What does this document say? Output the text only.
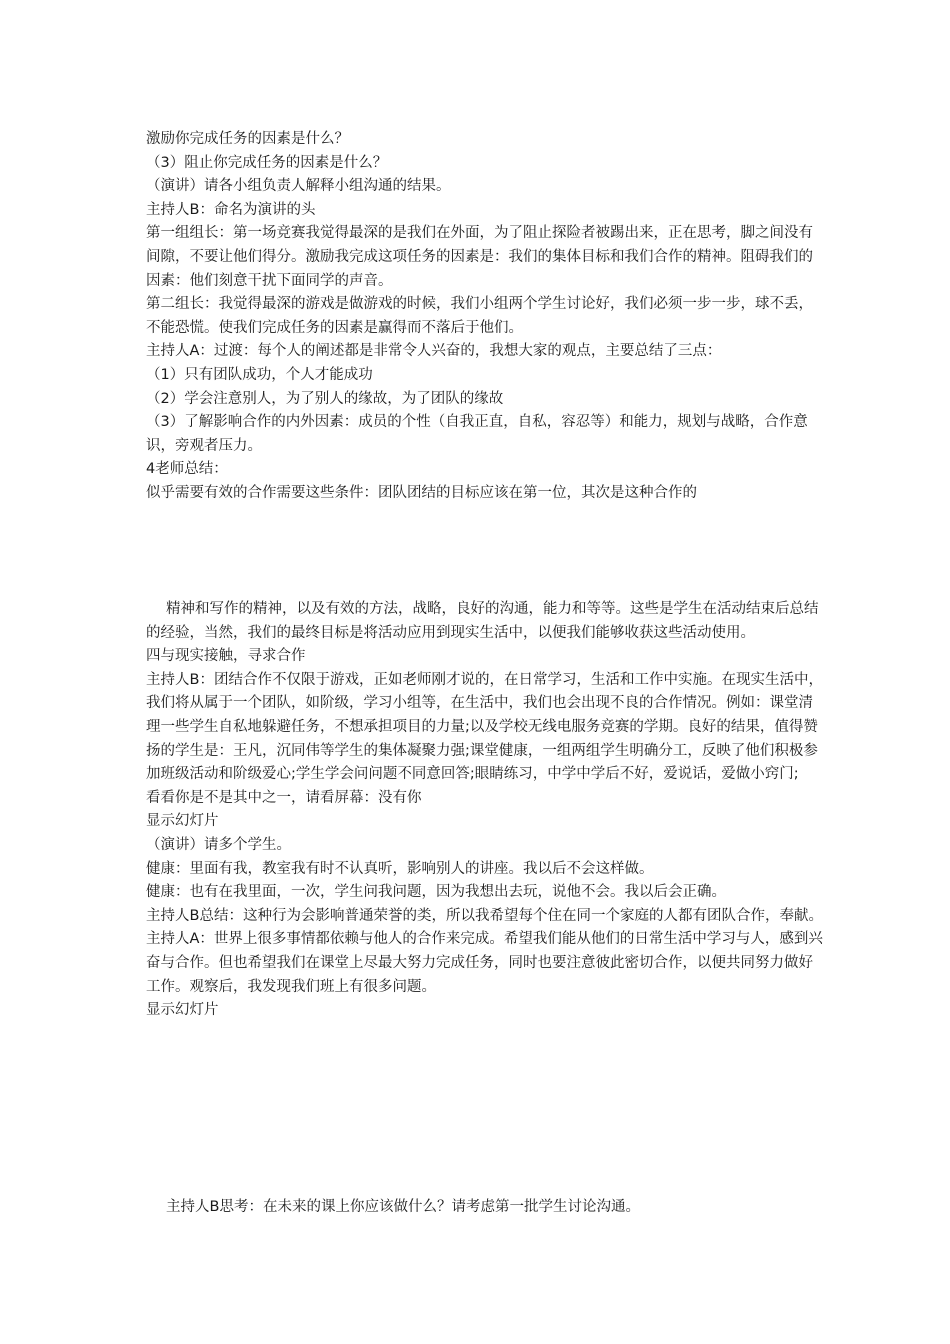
激励你完成任务的因素是什么？

（3）阻止你完成任务的因素是什么？

（演讲）请各小组负责人解释小组沟通的结果。

主持人B：命名为演讲的头

第一组组长：第一场竞赛我觉得最深的是我们在外面，为了阻止探险者被踢出来，正在思考，脚之间没有间隙，不要让他们得分。激励我完成这项任务的因素是：我们的集体目标和我们合作的精神。阻碍我们的因素：他们刻意干扰下面同学的声音。

第二组长：我觉得最深的游戏是做游戏的时候，我们小组两个学生讨论好，我们必须一步一步，球不丢，不能恐慌。使我们完成任务的因素是赢得而不落后于他们。

主持人A：过渡：每个人的阐述都是非常令人兴奋的，我想大家的观点，主要总结了三点：

（1）只有团队成功，个人才能成功

（2）学会注意别人，为了别人的缘故，为了团队的缘故

（3）了解影响合作的内外因素：成员的个性（自我正直，自私，容忍等）和能力，规划与战略，合作意识，旁观者压力。

4老师总结：

似乎需要有效的合作需要这些条件：团队团结的目标应该在第一位，其次是这种合作的

精神和写作的精神，以及有效的方法，战略，良好的沟通，能力和等等。这些是学生在活动结束后总结的经验，当然，我们的最终目标是将活动应用到现实生活中，以便我们能够收获这些活动使用。

四与现实接触，寻求合作

主持人B：团结合作不仅限于游戏，正如老师刚才说的，在日常学习，生活和工作中实施。在现实生活中，我们将从属于一个团队，如阶级，学习小组等，在生活中，我们也会出现不良的合作情况。例如：课堂清理一些学生自私地躲避任务，不想承担项目的力量;以及学校无线电服务竞赛的学期。良好的结果，值得赞扬的学生是：王凡，沉同伟等学生的集体凝聚力强;课堂健康，一组两组学生明确分工，反映了他们积极参加班级活动和阶级爱心;学生学会问问题不同意回答;眼睛练习，中学中学后不好，爱说话，爱做小窍门;

看看你是不是其中之一，请看屏幕：没有你

显示幻灯片

（演讲）请多个学生。

健康：里面有我，教室我有时不认真听，影响别人的讲座。我以后不会这样做。

健康：也有在我里面，一次，学生问我问题，因为我想出去玩，说他不会。我以后会正确。

主持人B总结：这种行为会影响普通荣誉的类，所以我希望每个住在同一个家庭的人都有团队合作，奉献。

主持人A：世界上很多事情都依赖与他人的合作来完成。希望我们能从他们的日常生活中学习与人，感到兴奋与合作。但也希望我们在课堂上尽最大努力完成任务，同时也要注意彼此密切合作，以便共同努力做好工作。观察后，我发现我们班上有很多问题。

显示幻灯片

主持人B思考：在未来的课上你应该做什么？请考虑第一批学生讨论沟通。
